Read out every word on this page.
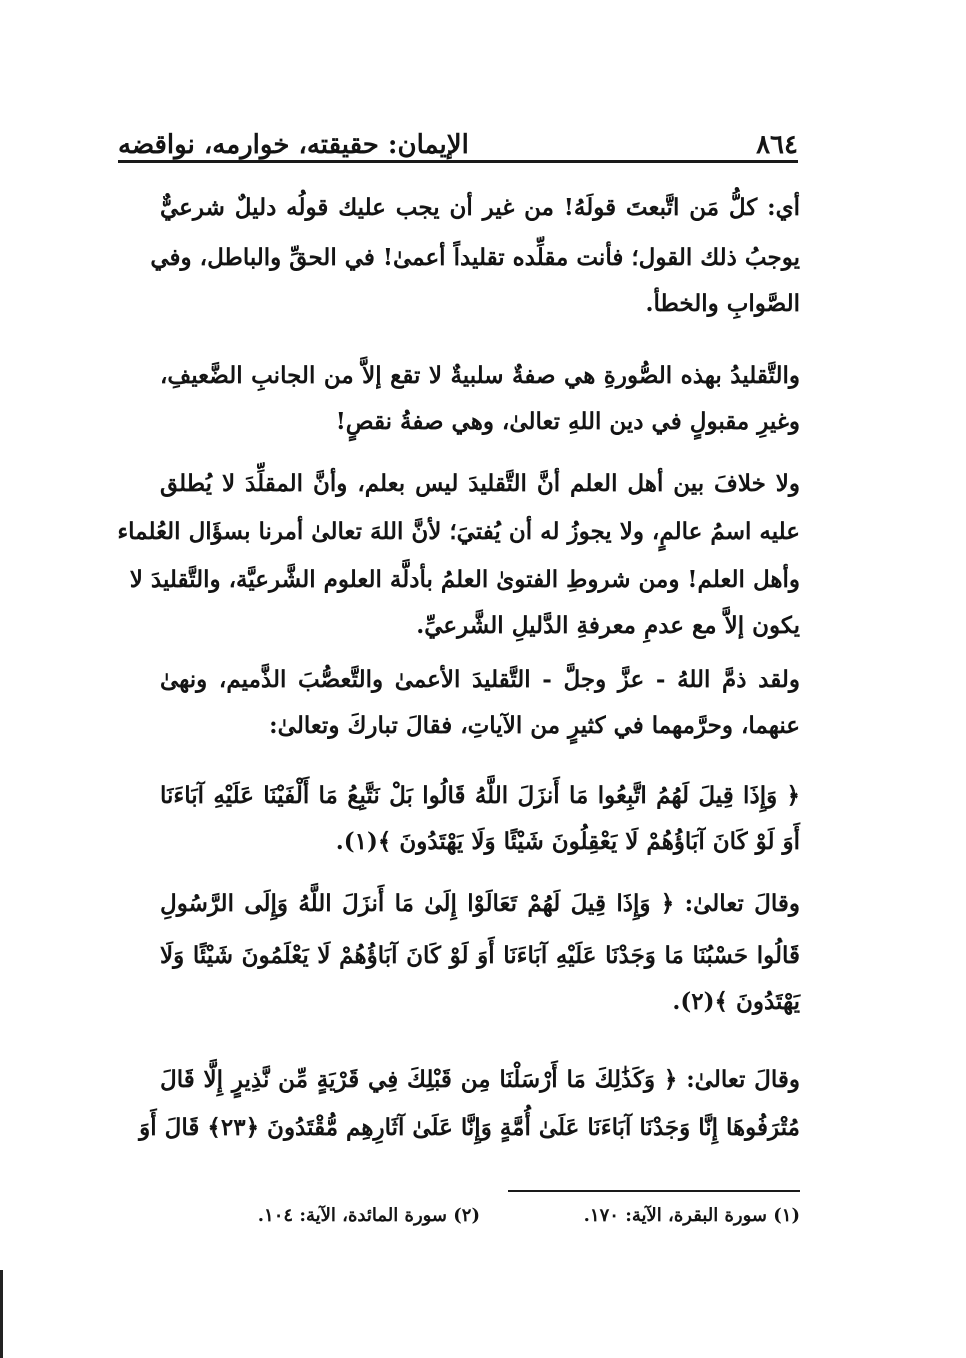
٨٦٤
الإيمان: حقيقته، خوارمه، نواقضه
أي: كلُّ مَن اتَّبعتَ قولَهُ! من غير أن يجب عليك قولُه دليلٌ شرعيٌّ
يوجبُ ذلك القول؛ فأنت مقلِّده تقليداً أعمىٰ! في الحقِّ والباطل، وفي
الصَّوابِ والخطأ.
والتَّقليدُ بهذه الصُّورةِ هي صفةٌ سلبيةٌ لا تقع إلاَّ من الجانبِ الضَّعيفِ،
وغيرِ مقبولٍ في دين اللهِ تعالىٰ، وهي صفةُ نقصٍ!
ولا خلافَ بين أهل العلم أنَّ التَّقليدَ ليس بعلم، وأنَّ المقلِّدَ لا يُطلق
عليه اسمُ عالمٍ، ولا يجوزُ له أن يُفتيَ؛ لأنَّ اللهَ تعالىٰ أمرنا بسؤَال العُلماء
وأهل العلم! ومن شروطِ الفتوىٰ العلمُ بأدلَّة العلوم الشَّرعيَّة، والتَّقليدَ لا
يكون إلاَّ مع عدمِ معرفةِ الدَّليلِ الشَّرعيِّ.
ولقد ذمَّ اللهُ - عزَّ وجلَّ - التَّقليدَ الأعمىٰ والتَّعصُّبَ الذَّميم، ونهىٰ
عنهما، وحرَّمهما في كثيرٍ من الآياتِ، فقالَ تباركَ وتعالىٰ:
﴿ وَإِذَا قِيلَ لَهُمُ اتَّبِعُوا مَا أَنزَلَ اللَّهُ قَالُوا بَلْ نَتَّبِعُ مَا أَلْفَيْنَا عَلَيْهِ آبَاءَنَا
أَوَ لَوْ كَانَ آبَاؤُهُمْ لَا يَعْقِلُونَ شَيْئًا وَلَا يَهْتَدُونَ ﴾(١).
وقالَ تعالىٰ: ﴿ وَإِذَا قِيلَ لَهُمْ تَعَالَوْا إِلَىٰ مَا أَنزَلَ اللَّهُ وَإِلَى الرَّسُولِ
قَالُوا حَسْبُنَا مَا وَجَدْنَا عَلَيْهِ آبَاءَنَا أَوَ لَوْ كَانَ آبَاؤُهُمْ لَا يَعْلَمُونَ شَيْئًا وَلَا
يَهْتَدُونَ ﴾(٢).
وقالَ تعالىٰ: ﴿ وَكَذَٰلِكَ مَا أَرْسَلْنَا مِن قَبْلِكَ فِي قَرْيَةٍ مِّن نَّذِيرٍ إِلَّا قَالَ
مُتْرَفُوهَا إِنَّا وَجَدْنَا آبَاءَنَا عَلَىٰ أُمَّةٍ وَإِنَّا عَلَىٰ آثَارِهِم مُّقْتَدُونَ ﴿٢٣﴾ قَالَ أَوَ
(١) سورة البقرة، الآية: ١٧٠.
(٢) سورة المائدة، الآية: ١٠٤.
